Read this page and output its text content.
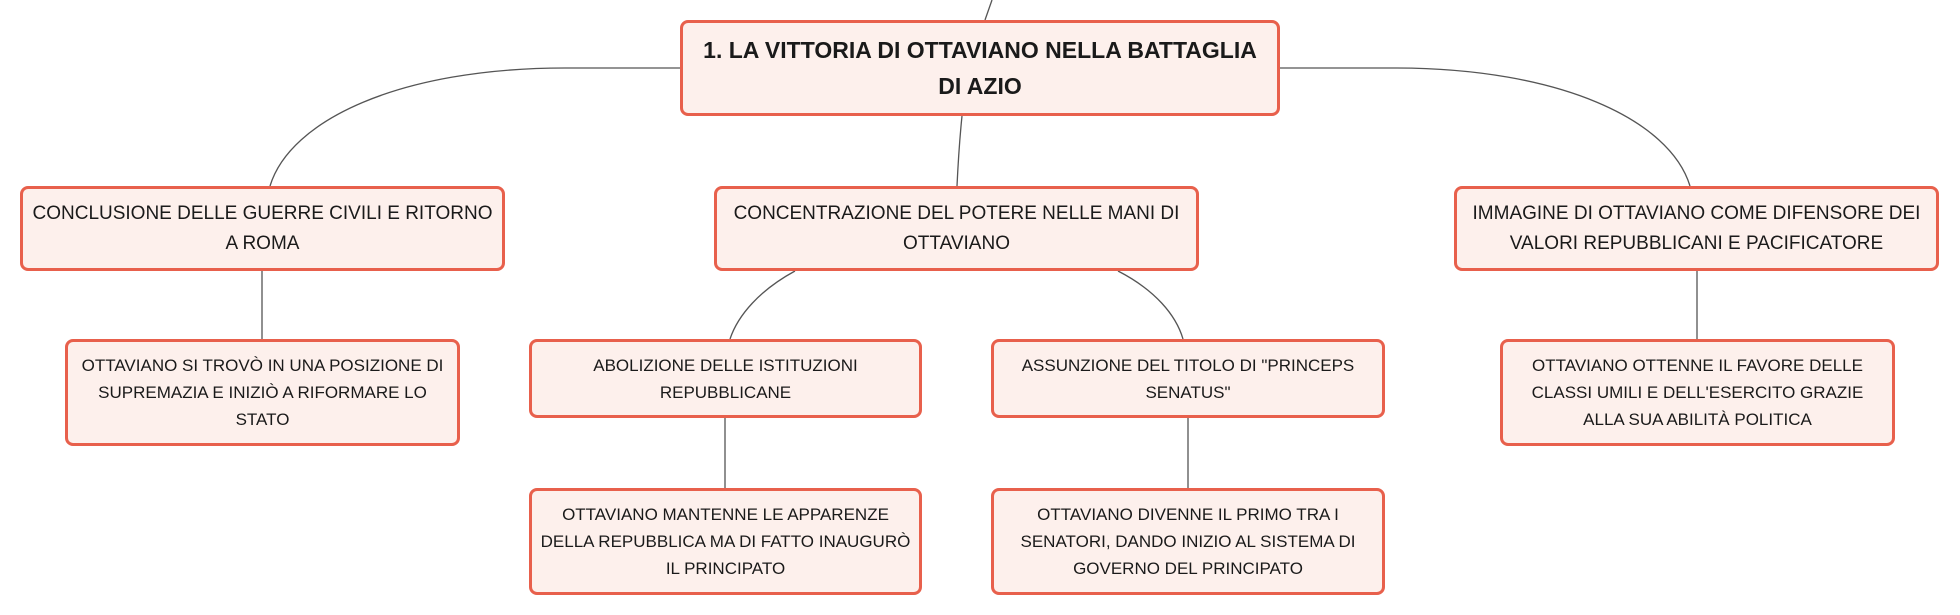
1. LA VITTORIA DI OTTAVIANO NELLA BATTAGLIA DI AZIO
CONCLUSIONE DELLE GUERRE CIVILI E RITORNO A ROMA
CONCENTRAZIONE DEL POTERE NELLE MANI DI OTTAVIANO
IMMAGINE DI OTTAVIANO COME DIFENSORE DEI VALORI REPUBBLICANI E PACIFICATORE
OTTAVIANO SI TROVÒ IN UNA POSIZIONE DI SUPREMAZIA E INIZIÒ A RIFORMARE LO STATO
ABOLIZIONE DELLE ISTITUZIONI REPUBBLICANE
ASSUNZIONE DEL TITOLO DI "PRINCEPS SENATUS"
OTTAVIANO OTTENNE IL FAVORE DELLE CLASSI UMILI E DELL'ESERCITO GRAZIE ALLA SUA ABILITÀ POLITICA
OTTAVIANO MANTENNE LE APPARENZE DELLA REPUBBLICA MA DI FATTO INAUGURÒ IL PRINCIPATO
OTTAVIANO DIVENNE IL PRIMO TRA I SENATORI, DANDO INIZIO AL SISTEMA DI GOVERNO DEL PRINCIPATO
